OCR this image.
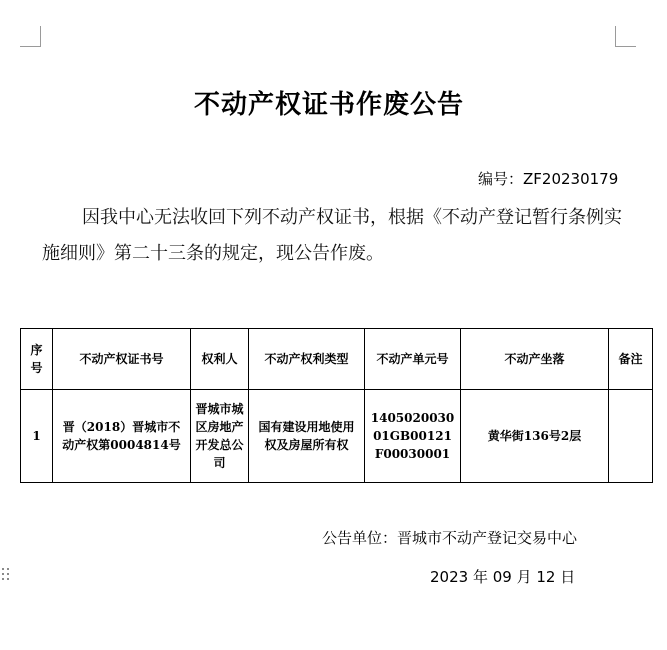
不动产权证书作废公告
编号：ZF20230179
因我中心无法收回下列不动产权证书，根据《不动产登记暂行条例实施细则》第二十三条的规定，现公告作废。
序号	不动产权证书号	权利人	不动产权利类型	不动产单元号	不动产坐落	备注
1	晋（2018）晋城市不动产权第0004814号	晋城市城区房地产开发总公司	国有建设用地使用权及房屋所有权	140502003001GB00121F00030001	黄华街136号2层	
公告单位：晋城市不动产登记交易中心
2023 年 09 月 12 日
